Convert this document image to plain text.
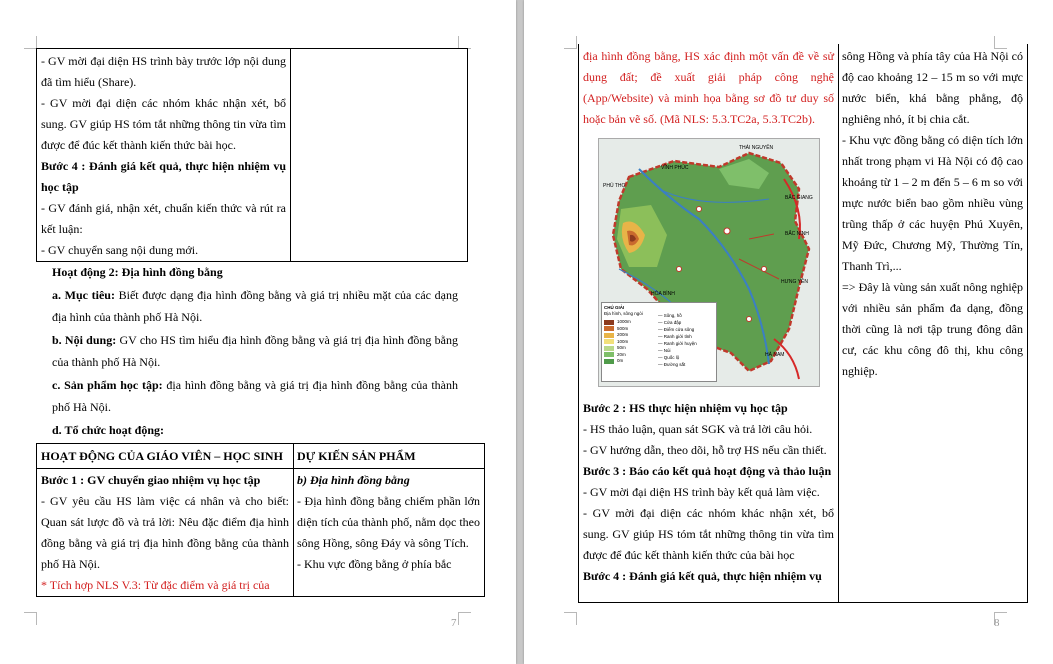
- GV mời đại diện HS trình bày trước lớp nội dung đã tìm hiểu (Share).

- GV mời đại diện các nhóm khác nhận xét, bổ sung. GV giúp HS tóm tắt những thông tin vừa tìm được để đúc kết thành kiến thức bài học.

Bước 4 : Đánh giá kết quả, thực hiện nhiệm vụ học tập

- GV đánh giá, nhận xét, chuẩn kiến thức và rút ra kết luận:

- GV chuyển sang nội dung mới.

Hoạt động 2: Địa hình đồng bằng

a. Mục tiêu: Biết được dạng địa hình đồng bằng và giá trị nhiều mặt của các dạng địa hình của thành phố Hà Nội.

b. Nội dung: GV cho HS tìm hiểu địa hình đồng bằng và giá trị địa hình đồng bằng của thành phố Hà Nội.

c. Sản phẩm học tập: địa hình đồng bằng và giá trị địa hình đồng bằng của thành phố Hà Nội.

d. Tổ chức hoạt động:

HOẠT ĐỘNG CỦA GIÁO VIÊN – HỌC SINH	DỰ KIẾN SẢN PHẨM

Bước 1 : GV chuyển giao nhiệm vụ học tập

- GV yêu cầu HS làm việc cá nhân và cho biết: Quan sát lược đồ và trả lời: Nêu đặc điểm địa hình đồng bằng và giá trị địa hình đồng bằng của thành phố Hà Nội.

* Tích hợp NLS V.3: Từ đặc điểm và giá trị của

b) Địa hình đồng bằng

- Địa hình đồng bằng chiếm phần lớn diện tích của thành phố, nằm dọc theo sông Hồng, sông Đáy và sông Tích.

- Khu vực đồng bằng ở phía bắc

7

địa hình đồng bằng, HS xác định một vấn đề về sử dụng đất; đề xuất giải pháp công nghệ (App/Website) và minh họa bằng sơ đồ tư duy số hoặc bản vẽ số. (Mã NLS: 5.3.TC2a, 5.3.TC2b).

Bước 2 : HS thực hiện nhiệm vụ học tập

- HS thảo luận, quan sát SGK và trả lời câu hỏi.

- GV hướng dẫn, theo dõi, hỗ trợ HS nếu cần thiết.

Bước 3 : Báo cáo kết quả hoạt động và thảo luận

- GV mời đại diện HS trình bày kết quả làm việc.

- GV mời đại diện các nhóm khác nhận xét, bổ sung. GV giúp HS tóm tắt những thông tin vừa tìm được để đúc kết thành kiến thức của bài học

Bước 4 : Đánh giá kết quả, thực hiện nhiệm vụ

sông Hồng và phía tây của Hà Nội có độ cao khoảng 12 – 15 m so với mực nước biển, khá bằng phẳng, độ nghiêng nhỏ, ít bị chia cắt.

- Khu vực đồng bằng có diện tích lớn nhất trong phạm vi Hà Nội có độ cao khoảng từ 1 – 2 m đến 5 – 6 m so với mực nước biển bao gồm nhiều vùng trũng thấp ở các huyện Phú Xuyên, Mỹ Đức, Chương Mỹ, Thường Tín, Thanh Trì,...

=> Đây là vùng sản xuất nông nghiệp với nhiều sản phẩm đa dạng, đồng thời cũng là nơi tập trung đông dân cư, các khu công đô thị, khu công nghiệp.

THÁI NGUYÊN
VĨNH PHÚC
PHÚ THỌ
BẮC GIANG
BẮC NINH
HÒA BÌNH
HƯNG YÊN
HÀ NAM
CHÚ GIẢI
Địa hình, sông ngòi
1000m
500m
200m
100m
50m
20m
0m
— Sông, hồ
— Cửa đập
— Điểm cửa sông
— Ranh giới tỉnh
— Ranh giới huyện
— Núi
— Quốc lộ
— Đường sắt
8
